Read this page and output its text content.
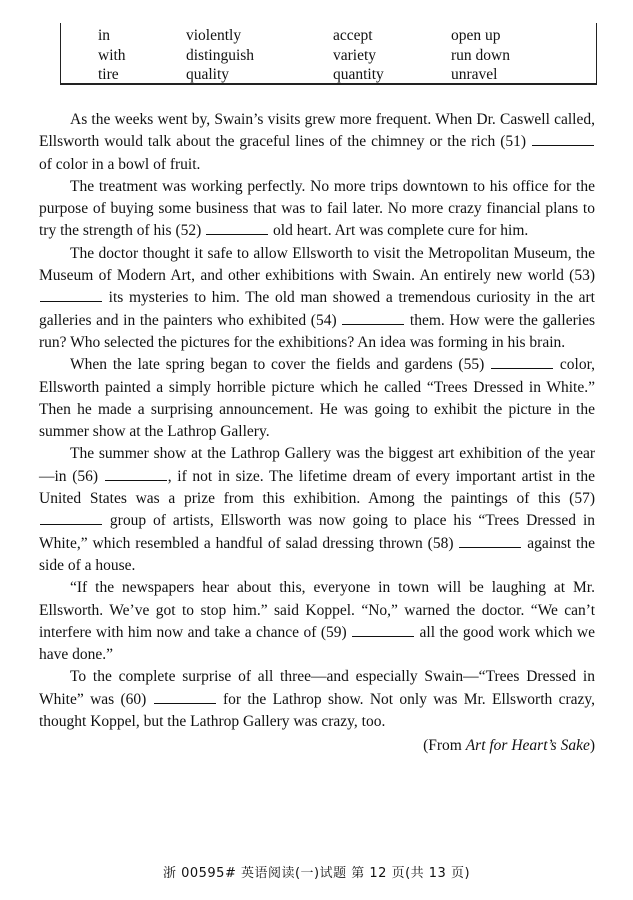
in	violently	accept	open up
with	distinguish	variety	run down
tire	quality	quantity	unravel

As the weeks went by, Swain’s visits grew more frequent. When Dr. Caswell called, Ellsworth would talk about the graceful lines of the chimney or the rich (51)  of color in a bowl of fruit.

The treatment was working perfectly. No more trips downtown to his office for the purpose of buying some business that was to fail later. No more crazy financial plans to try the strength of his (52)	old heart. Art was complete cure for him.

The doctor thought it safe to allow Ellsworth to visit the Metropolitan Museum, the Museum of Modern Art, and other exhibitions with Swain. An entirely new world (53)  its mysteries to him. The old man showed a tremendous curiosity in the art galleries and in the painters who exhibited (54)	them. How were the galleries run? Who selected the pictures for the exhibitions? An idea was forming in his brain.

When the late spring began to cover the fields and gardens (55)	color, Ellsworth painted a simply horrible picture which he called “Trees Dressed in White.” Then he made a surprising announcement. He was going to exhibit the picture in the summer show at the Lathrop Gallery.

The summer show at the Lathrop Gallery was the biggest art exhibition of the year—in (56)	, if not in size. The lifetime dream of every important artist in the United States was a prize from this exhibition. Among the paintings of this (57)  group of artists, Ellsworth was now going to place his “Trees Dressed in White,” which resembled a handful of salad dressing thrown (58)	against the side of a house.

“If the newspapers hear about this, everyone in town will be laughing at Mr. Ellsworth. We’ve got to stop him.” said Koppel. “No,” warned the doctor. “We can’t interfere with him now and take a chance of (59)	all the good work which we have done.”

To the complete surprise of all three—and especially Swain—“Trees Dressed in White” was (60)	for the Lathrop show. Not only was Mr. Ellsworth crazy, thought Koppel, but the Lathrop Gallery was crazy, too.

(From Art for Heart’s Sake)
浙 00595# 英语阅读(一)试题 第 12 页(共 13 页)
